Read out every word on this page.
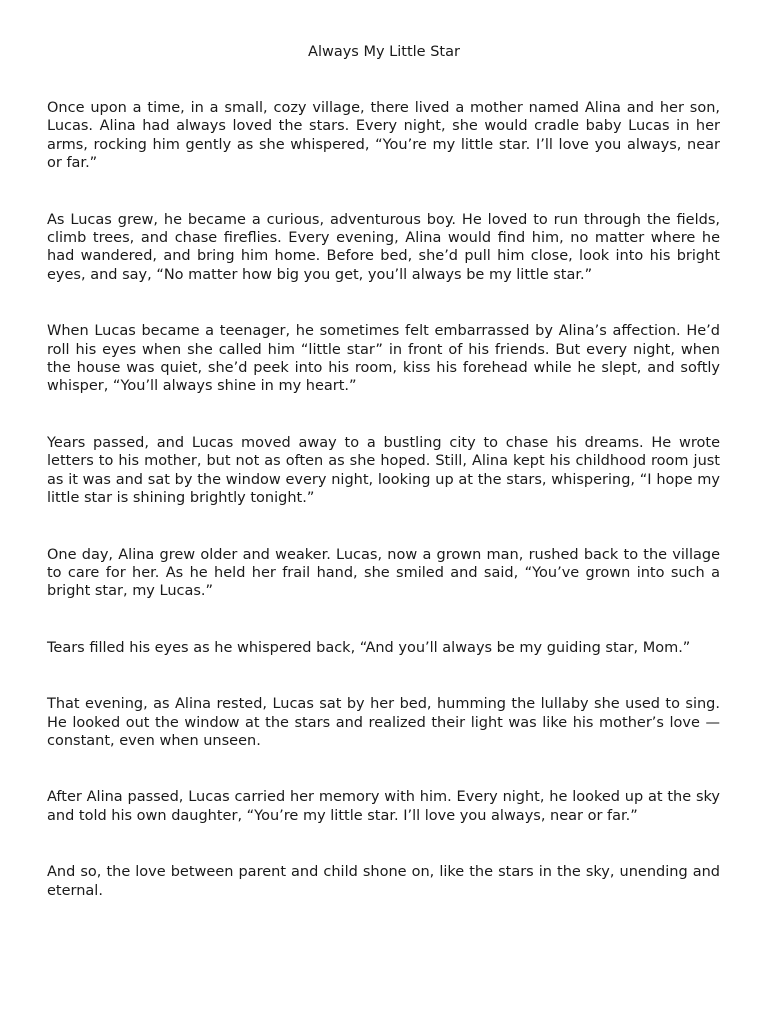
Always My Little Star

Once upon a time, in a small, cozy village, there lived a mother named Alina and her son, Lucas. Alina had always loved the stars. Every night, she would cradle baby Lucas in her arms, rocking him gently as she whispered, “You’re my little star. I’ll love you always, near or far.”

As Lucas grew, he became a curious, adventurous boy. He loved to run through the fields, climb trees, and chase fireflies. Every evening, Alina would find him, no matter where he had wandered, and bring him home. Before bed, she’d pull him close, look into his bright eyes, and say, “No matter how big you get, you’ll always be my little star.”

When Lucas became a teenager, he sometimes felt embarrassed by Alina’s affection. He’d roll his eyes when she called him “little star” in front of his friends. But every night, when the house was quiet, she’d peek into his room, kiss his forehead while he slept, and softly whisper, “You’ll always shine in my heart.”

Years passed, and Lucas moved away to a bustling city to chase his dreams. He wrote letters to his mother, but not as often as she hoped. Still, Alina kept his childhood room just as it was and sat by the window every night, looking up at the stars, whispering, “I hope my little star is shining brightly tonight.”

One day, Alina grew older and weaker. Lucas, now a grown man, rushed back to the village to care for her. As he held her frail hand, she smiled and said, “You’ve grown into such a bright star, my Lucas.”

Tears filled his eyes as he whispered back, “And you’ll always be my guiding star, Mom.”

That evening, as Alina rested, Lucas sat by her bed, humming the lullaby she used to sing. He looked out the window at the stars and realized their light was like his mother’s love — constant, even when unseen.

After Alina passed, Lucas carried her memory with him. Every night, he looked up at the sky and told his own daughter, “You’re my little star. I’ll love you always, near or far.”

And so, the love between parent and child shone on, like the stars in the sky, unending and eternal.
